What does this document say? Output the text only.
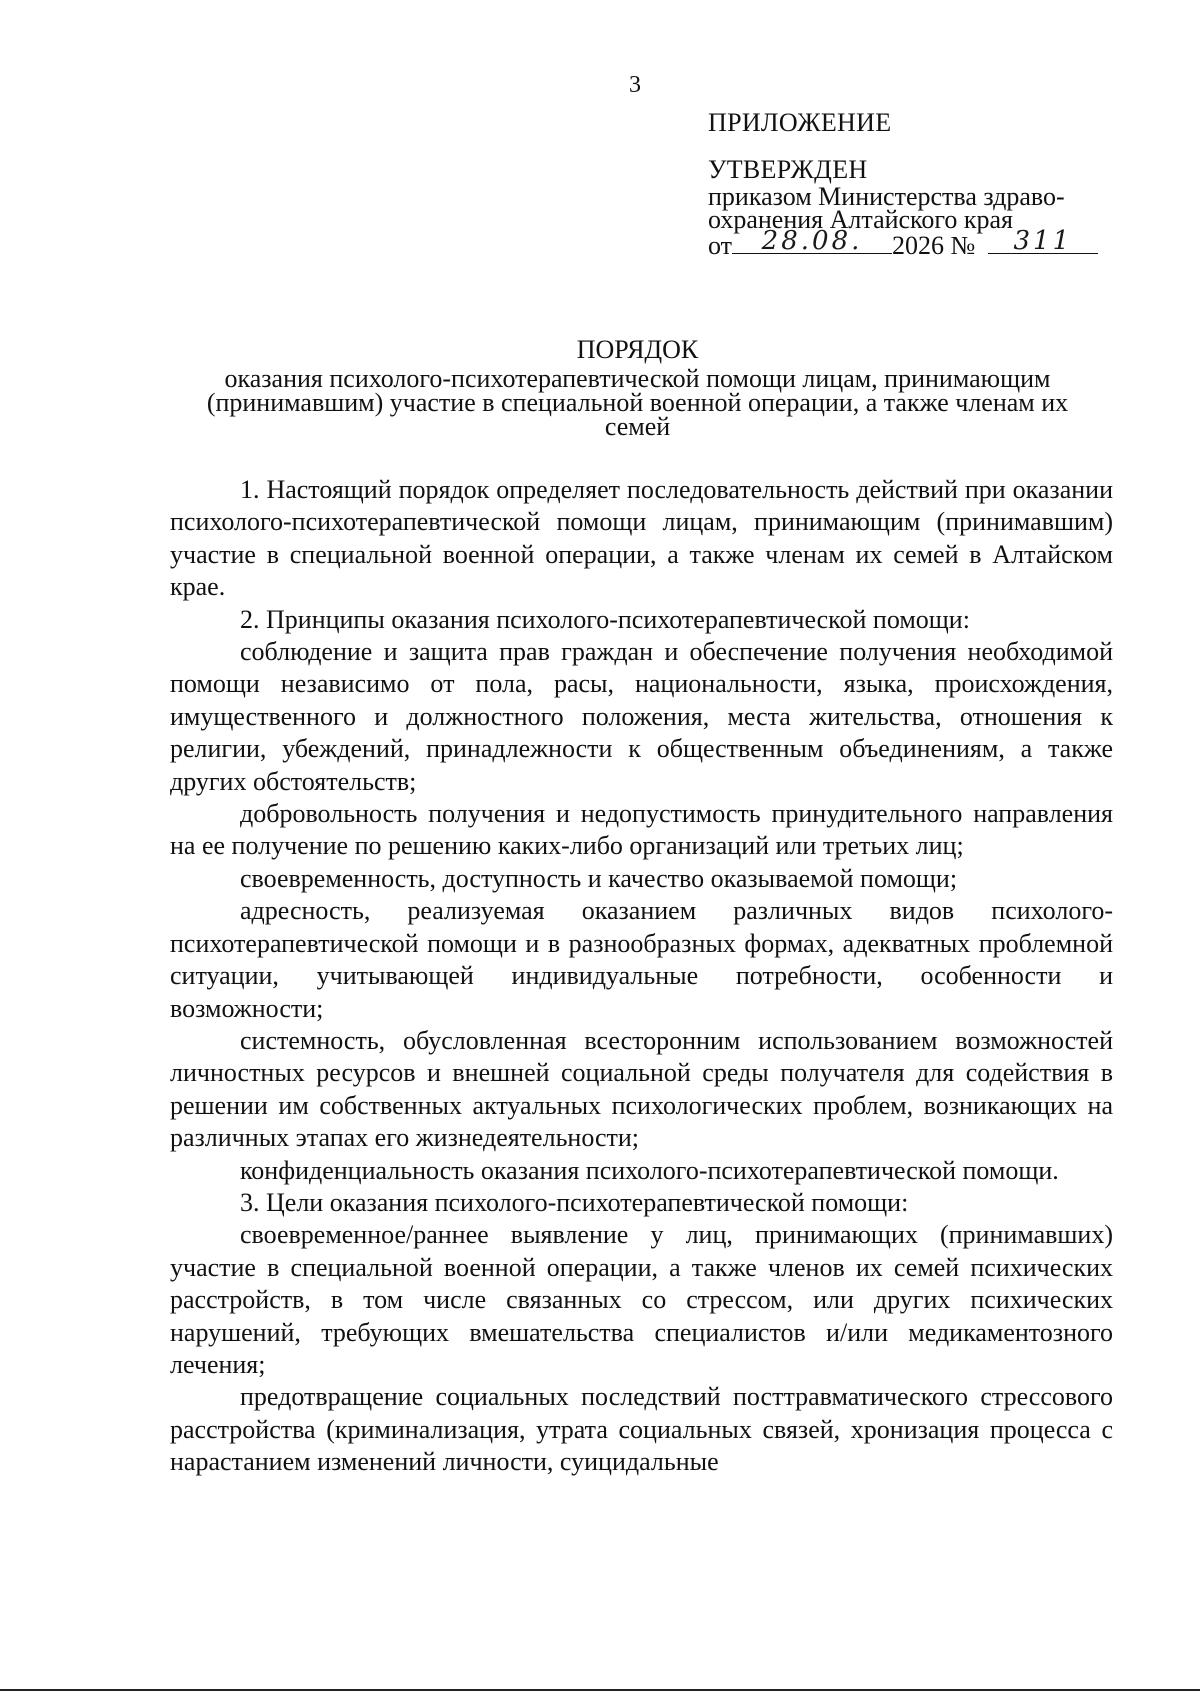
3
ПРИЛОЖЕНИЕ
УТВЕРЖДЕН
приказом Министерства здраво-
охранения Алтайского края
от	28.08.	2026 №	311
ПОРЯДОК
оказания психолого-психотерапевтической помощи лицам, принимающим
(принимавшим) участие в специальной военной операции, а также членам их
семей

1. Настоящий порядок определяет последовательность действий при оказании психолого-психотерапевтической помощи лицам, принимающим (принимавшим) участие в специальной военной операции, а также членам их семей в Алтайском крае.

2. Принципы оказания психолого-психотерапевтической помощи:

соблюдение и защита прав граждан и обеспечение получения необходимой помощи независимо от пола, расы, национальности, языка, происхождения, имущественного и должностного положения, места жительства, отношения к религии, убеждений, принадлежности к общественным объединениям, а также других обстоятельств;

добровольность получения и недопустимость принудительного направления на ее получение по решению каких-либо организаций или третьих лиц;

своевременность, доступность и качество оказываемой помощи;

адресность, реализуемая оказанием различных видов психолого-психотерапевтической помощи и в разнообразных формах, адекватных проблемной ситуации, учитывающей индивидуальные потребности, особенности и возможности;

системность, обусловленная всесторонним использованием возможностей личностных ресурсов и внешней социальной среды получателя для содействия в решении им собственных актуальных психологических проблем, возникающих на различных этапах его жизнедеятельности;

конфиденциальность оказания психолого-психотерапевтической помощи.

3. Цели оказания психолого-психотерапевтической помощи:

своевременное/раннее выявление у лиц, принимающих (принимавших) участие в специальной военной операции, а также членов их семей психических расстройств, в том числе связанных со стрессом, или других психических нарушений, требующих вмешательства специалистов и/или медикаментозного лечения;

предотвращение социальных последствий посттравматического стрессового расстройства (криминализация, утрата социальных связей, хронизация процесса с нарастанием изменений личности, суицидальные
